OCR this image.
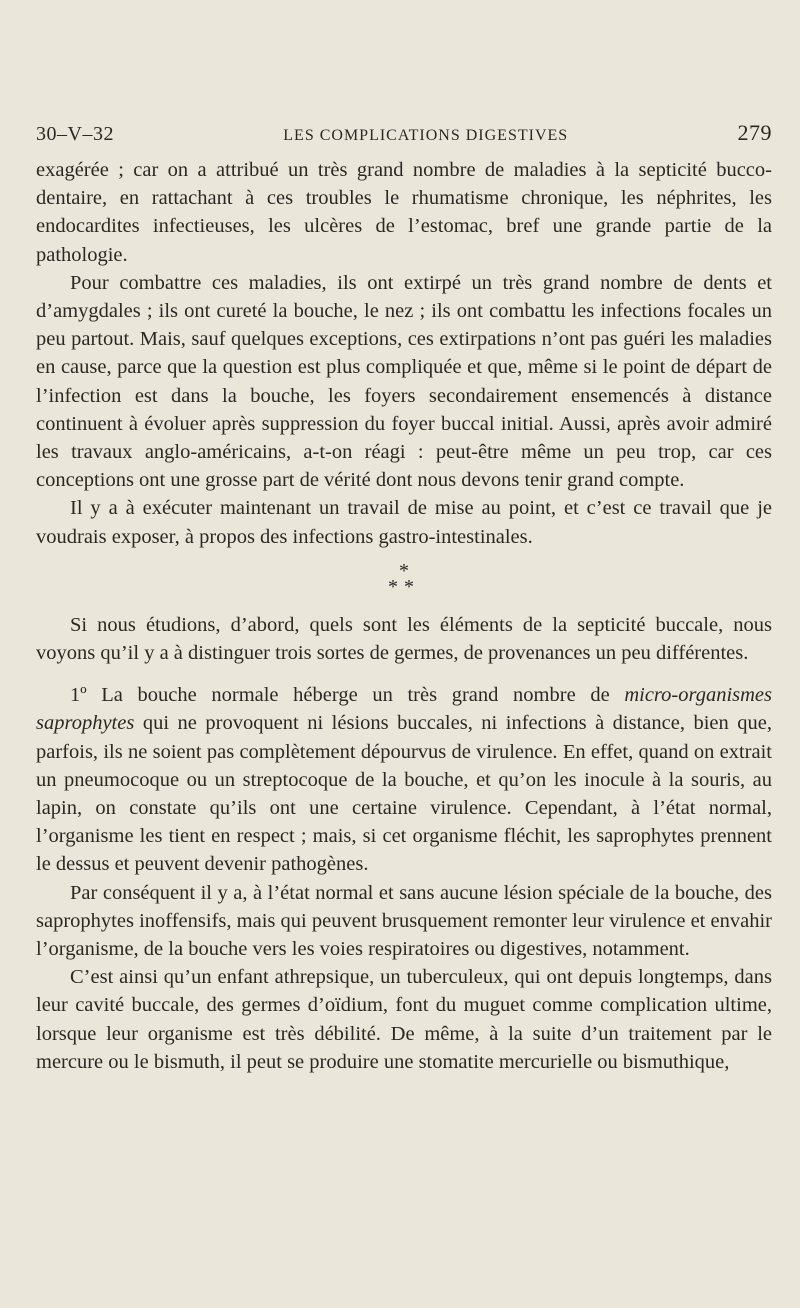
30–V–32	LES COMPLICATIONS DIGESTIVES	279

exagérée ; car on a attribué un très grand nombre de maladies à la septicité bucco-dentaire, en rattachant à ces troubles le rhumatisme chronique, les néphrites, les endocardites infectieuses, les ulcères de l’estomac, bref une grande partie de la pathologie.

Pour combattre ces maladies, ils ont extirpé un très grand nombre de dents et d’amygdales ; ils ont cureté la bouche, le nez ; ils ont combattu les infections focales un peu partout. Mais, sauf quelques exceptions, ces extirpations n’ont pas guéri les maladies en cause, parce que la question est plus compliquée et que, même si le point de départ de l’infection est dans la bouche, les foyers secondairement ensemencés à distance continuent à évoluer après suppression du foyer buccal initial. Aussi, après avoir admiré les travaux anglo-américains, a-t-on réagi : peut-être même un peu trop, car ces conceptions ont une grosse part de vérité dont nous devons tenir grand compte.

Il y a à exécuter maintenant un travail de mise au point, et c’est ce travail que je voudrais exposer, à propos des infections gastro-intestinales.

*
**

Si nous étudions, d’abord, quels sont les éléments de la septicité buccale, nous voyons qu’il y a à distinguer trois sortes de germes, de provenances un peu différentes.

1º La bouche normale héberge un très grand nombre de micro-organismes saprophytes qui ne provoquent ni lésions buccales, ni infections à distance, bien que, parfois, ils ne soient pas complètement dépourvus de virulence. En effet, quand on extrait un pneumocoque ou un streptocoque de la bouche, et qu’on les inocule à la souris, au lapin, on constate qu’ils ont une certaine virulence. Cependant, à l’état normal, l’organisme les tient en respect ; mais, si cet organisme fléchit, les saprophytes prennent le dessus et peuvent devenir pathogènes.

Par conséquent il y a, à l’état normal et sans aucune lésion spéciale de la bouche, des saprophytes inoffensifs, mais qui peuvent brusquement remonter leur virulence et envahir l’organisme, de la bouche vers les voies respiratoires ou digestives, notamment.

C’est ainsi qu’un enfant athrepsique, un tuberculeux, qui ont depuis longtemps, dans leur cavité buccale, des germes d’oïdium, font du muguet comme complication ultime, lorsque leur organisme est très débilité. De même, à la suite d’un traitement par le mercure ou le bismuth, il peut se produire une stomatite mercurielle ou bismuthique,
